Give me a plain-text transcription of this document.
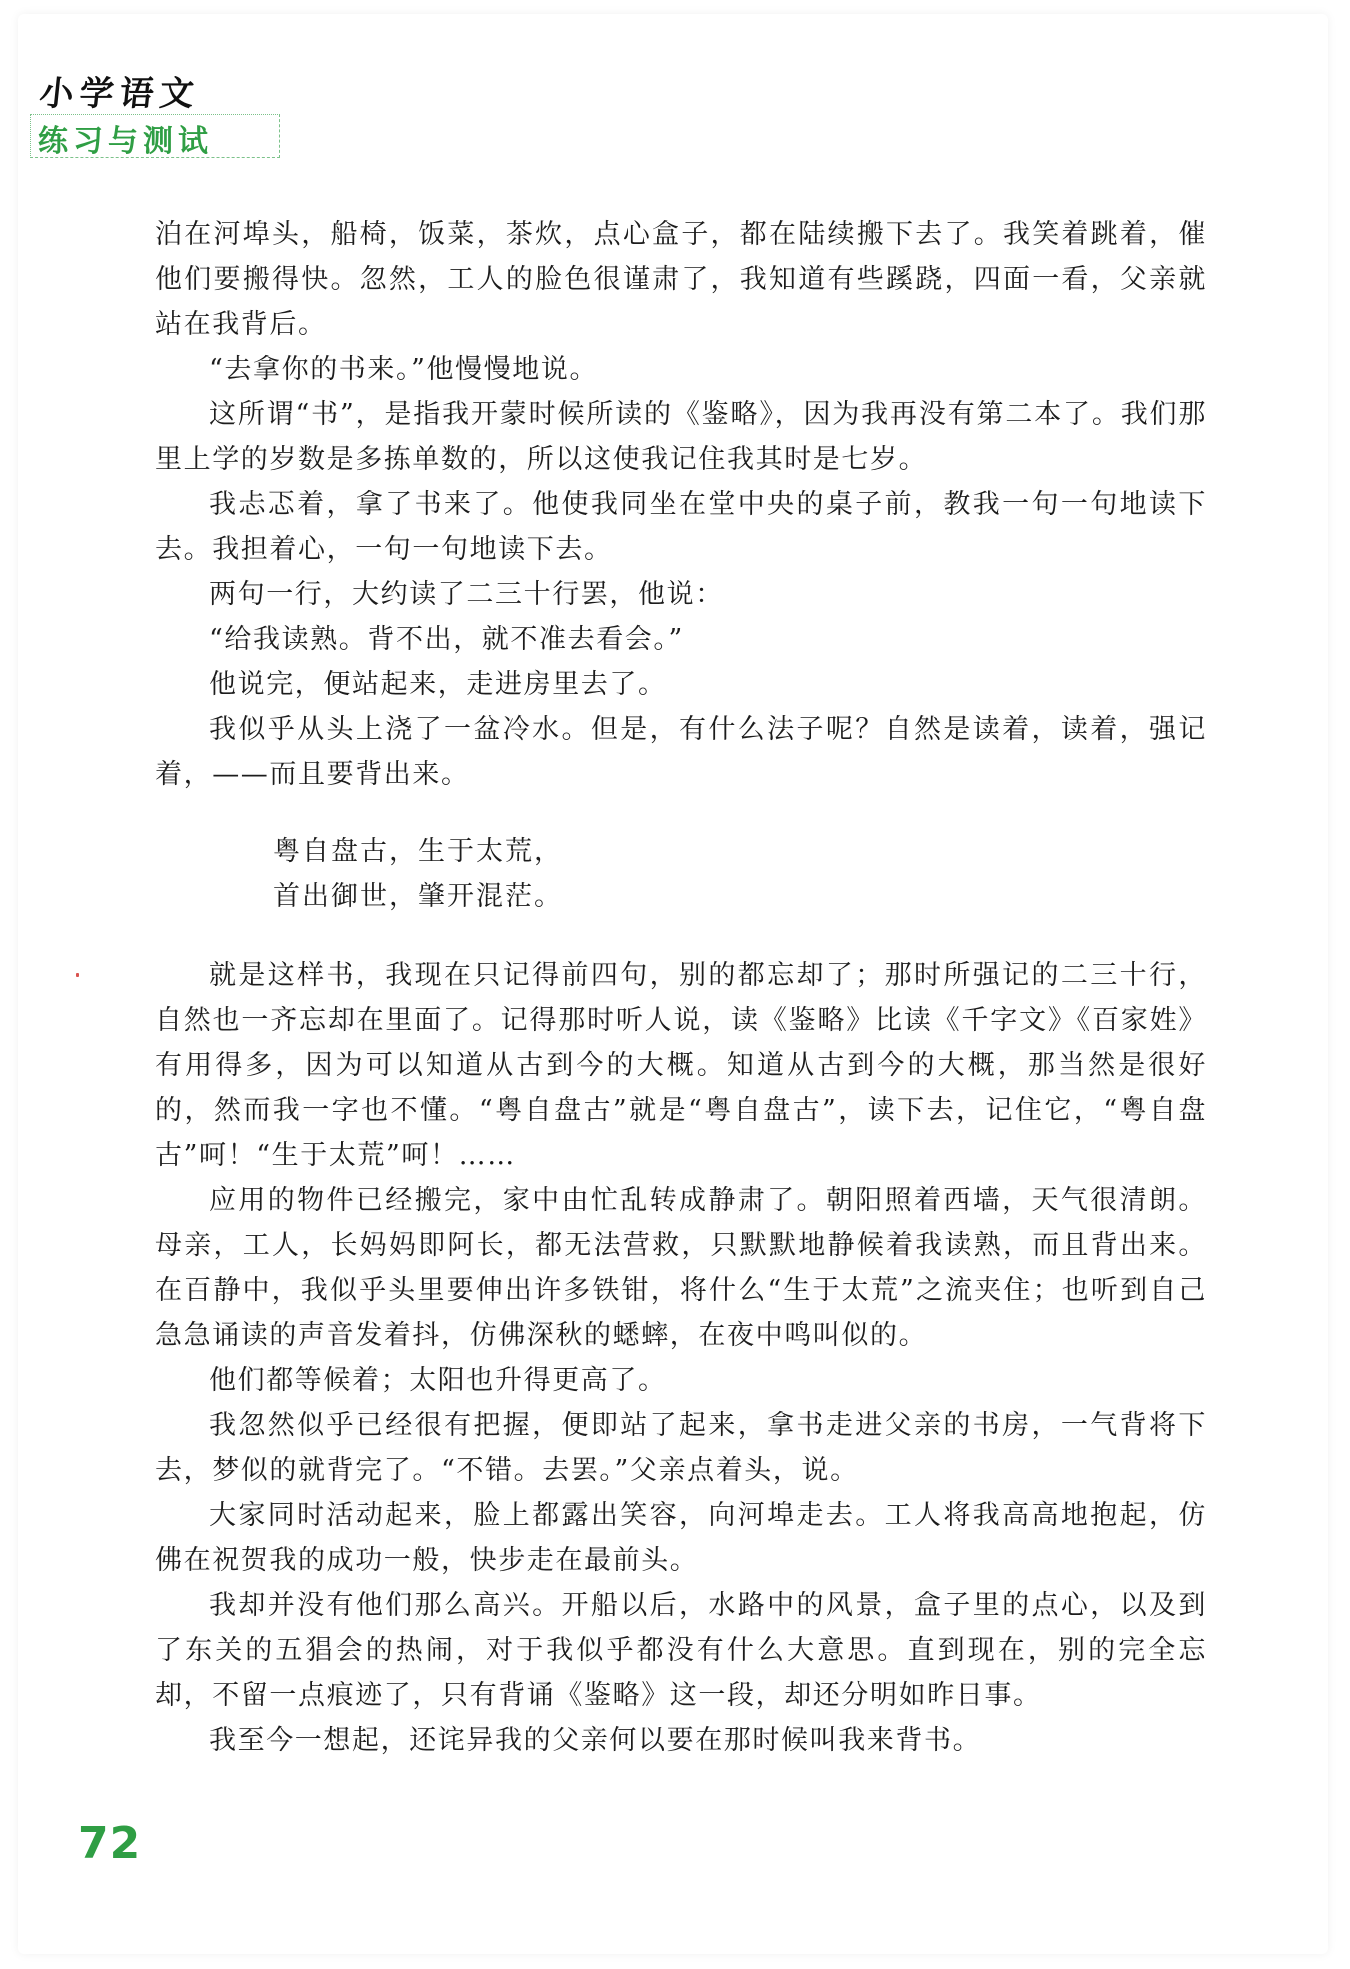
小学语文
练习与测试

泊在河埠头，船椅，饭菜，茶炊，点心盒子，都在陆续搬下去了。我笑着跳着，催他们要搬得快。忽然，工人的脸色很谨肃了，我知道有些蹊跷，四面一看，父亲就站在我背后。

“去拿你的书来。”他慢慢地说。

这所谓“书”，是指我开蒙时候所读的《鉴略》，因为我再没有第二本了。我们那里上学的岁数是多拣单数的，所以这使我记住我其时是七岁。

我忐忑着，拿了书来了。他使我同坐在堂中央的桌子前，教我一句一句地读下去。我担着心，一句一句地读下去。

两句一行，大约读了二三十行罢，他说：

“给我读熟。背不出，就不准去看会。”

他说完，便站起来，走进房里去了。

我似乎从头上浇了一盆冷水。但是，有什么法子呢？自然是读着，读着，强记着，——而且要背出来。

粤自盘古，生于太荒，

首出御世，肇开混茫。

就是这样书，我现在只记得前四句，别的都忘却了；那时所强记的二三十行，自然也一齐忘却在里面了。记得那时听人说，读《鉴略》比读《千字文》《百家姓》有用得多，因为可以知道从古到今的大概。知道从古到今的大概，那当然是很好的，然而我一字也不懂。“粤自盘古”就是“粤自盘古”，读下去，记住它，“粤自盘古”呵！“生于太荒”呵！……

应用的物件已经搬完，家中由忙乱转成静肃了。朝阳照着西墙，天气很清朗。母亲，工人，长妈妈即阿长，都无法营救，只默默地静候着我读熟，而且背出来。在百静中，我似乎头里要伸出许多铁钳，将什么“生于太荒”之流夹住；也听到自己急急诵读的声音发着抖，仿佛深秋的蟋蟀，在夜中鸣叫似的。

他们都等候着；太阳也升得更高了。

我忽然似乎已经很有把握，便即站了起来，拿书走进父亲的书房，一气背将下去，梦似的就背完了。“不错。去罢。”父亲点着头，说。

大家同时活动起来，脸上都露出笑容，向河埠走去。工人将我高高地抱起，仿佛在祝贺我的成功一般，快步走在最前头。

我却并没有他们那么高兴。开船以后，水路中的风景，盒子里的点心，以及到了东关的五猖会的热闹，对于我似乎都没有什么大意思。直到现在，别的完全忘却，不留一点痕迹了，只有背诵《鉴略》这一段，却还分明如昨日事。

我至今一想起，还诧异我的父亲何以要在那时候叫我来背书。

72
